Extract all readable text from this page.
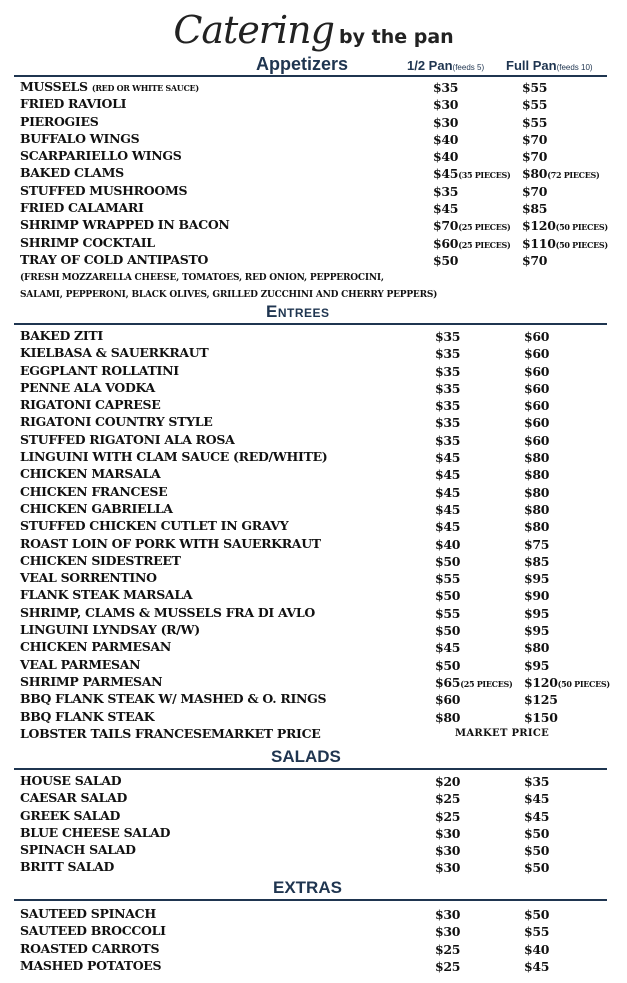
Catering by the pan
Appetizers	1/2 Pan(feeds 5) Full Pan(feeds 10)
MUSSELS (RED OR WHITE SAUCE)	$35	$55
FRIED RAVIOLI	$30	$55
PIEROGIES	$30	$55
BUFFALO WINGS	$40	$70
SCARPARIELLO WINGS	$40	$70
BAKED CLAMS	$45(35 PIECES) $80(72 PIECES)
STUFFED MUSHROOMS	$35	$70
FRIED CALAMARI	$45	$85
SHRIMP WRAPPED IN BACON	$70(25 PIECES) $120(50 PIECES)
SHRIMP COCKTAIL	$60(25 PIECES) $110(50 PIECES)
TRAY OF COLD ANTIPASTO	$50	$70
(FRESH MOZZARELLA CHEESE, TOMATOES, RED ONION, PEPPEROCINI,
SALAMI, PEPPERONI, BLACK OLIVES, GRILLED ZUCCHINI AND CHERRY PEPPERS)
Entrees
BAKED ZITI	$35	$60
KIELBASA & SAUERKRAUT	$35	$60
EGGPLANT ROLLATINI	$35	$60
PENNE ALA VODKA	$35	$60
RIGATONI CAPRESE	$35	$60
RIGATONI COUNTRY STYLE	$35	$60
STUFFED RIGATONI ALA ROSA	$35	$60
LINGUINI WITH CLAM SAUCE (RED/WHITE)	$45	$80
CHICKEN MARSALA	$45	$80
CHICKEN FRANCESE	$45	$80
CHICKEN GABRIELLA	$45	$80
STUFFED CHICKEN CUTLET IN GRAVY	$45	$80
ROAST LOIN OF PORK WITH SAUERKRAUT	$40	$75
CHICKEN SIDESTREET	$50	$85
VEAL SORRENTINO	$55	$95
FLANK STEAK MARSALA	$50	$90
SHRIMP, CLAMS & MUSSELS FRA DI AVLO	$55	$95
LINGUINI LYNDSAY (R/W)	$50	$95
CHICKEN PARMESAN	$45	$80
VEAL PARMESAN	$50	$95
SHRIMP PARMESAN	$65(25 PIECES) $120(50 PIECES)
BBQ FLANK STEAK W/ MASHED & O. RINGS	$60	$125
BBQ FLANK STEAK	$80	$150
LOBSTER TAILS FRANCESEMARKET PRICE	MARKET PRICE
SALADS
HOUSE SALAD	$20	$35
CAESAR SALAD	$25	$45
GREEK SALAD	$25	$45
BLUE CHEESE SALAD	$30	$50
SPINACH SALAD	$30	$50
BRITT SALAD	$30	$50
EXTRAS
SAUTEED SPINACH	$30	$50
SAUTEED BROCCOLI	$30	$55
ROASTED CARROTS	$25	$40
MASHED POTATOES	$25	$45
